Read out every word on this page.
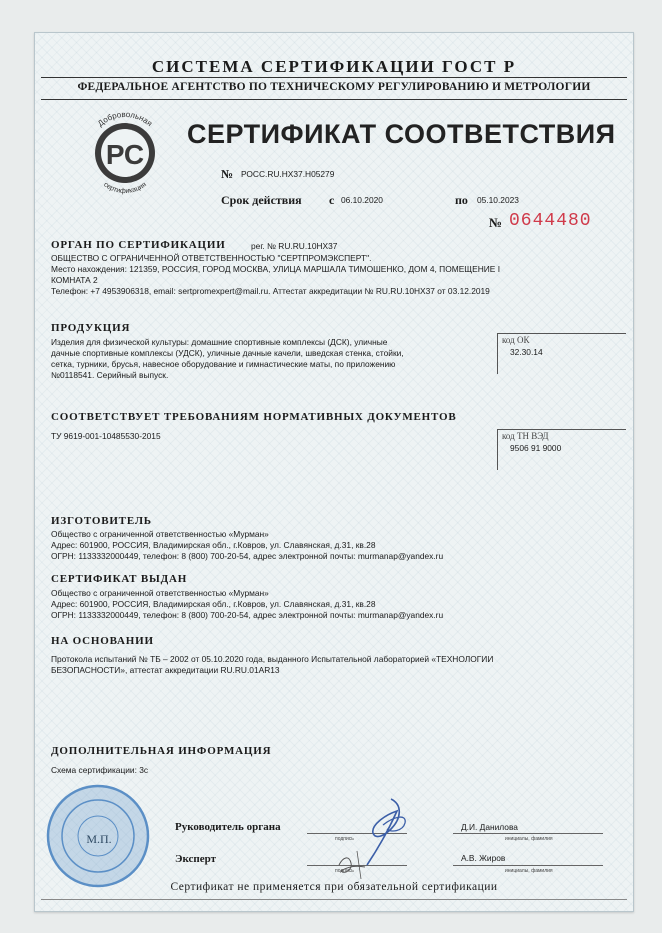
СИСТЕМА СЕРТИФИКАЦИИ ГОСТ Р
ФЕДЕРАЛЬНОЕ АГЕНТСТВО ПО ТЕХНИЧЕСКОМУ РЕГУЛИРОВАНИЮ И МЕТРОЛОГИИ
РС
Добровольная
сертификация
СЕРТИФИКАТ СООТВЕТСТВИЯ
№ РОСС.RU.НХ37.Н05279
Срок действия с 06.10.2020	по 05.10.2023
№ 0644480
ОРГАН ПО СЕРТИФИКАЦИИ	рег. № RU.RU.10НХ37
ОБЩЕСТВО С ОГРАНИЧЕННОЙ ОТВЕТСТВЕННОСТЬЮ "СЕРТПРОМЭКСПЕРТ".
Место нахождения: 121359, РОССИЯ, ГОРОД МОСКВА, УЛИЦА МАРШАЛА ТИМОШЕНКО, ДОМ 4, ПОМЕЩЕНИЕ I
КОМНАТА 2
Телефон: +7 4953906318, email: sertpromexpert@mail.ru. Аттестат аккредитации № RU.RU.10НХ37 от 03.12.2019
ПРОДУКЦИЯ
Изделия для физической культуры: домашние спортивные комплексы (ДСК), уличные
дачные спортивные комплексы (УДСК), уличные дачные качели, шведская стенка, стойки,
сетка, турники, брусья, навесное оборудование и гимнастические маты, по приложению
№0118541. Серийный выпуск.
код ОК
32.30.14
СООТВЕТСТВУЕТ ТРЕБОВАНИЯМ НОРМАТИВНЫХ ДОКУМЕНТОВ
ТУ 9619-001-10485530-2015	код ТН ВЭД
9506 91 9000
ИЗГОТОВИТЕЛЬ
Общество с ограниченной ответственностью «Мурман»
Адрес: 601900, РОССИЯ, Владимирская обл., г.Ковров, ул. Славянская, д.31, кв.28
ОГРН: 1133332000449, телефон: 8 (800) 700-20-54, адрес электронной почты: murmanap@yandex.ru
СЕРТИФИКАТ ВЫДАН
Общество с ограниченной ответственностью «Мурман»
Адрес: 601900, РОССИЯ, Владимирская обл., г.Ковров, ул. Славянская, д.31, кв.28
ОГРН: 1133332000449, телефон: 8 (800) 700-20-54, адрес электронной почты: murmanap@yandex.ru
НА ОСНОВАНИИ
Протокола испытаний № ТБ – 2002 от 05.10.2020 года, выданного Испытательной лабораторией «ТЕХНОЛОГИИ
БЕЗОПАСНОСТИ», аттестат аккредитации RU.RU.01АR13
ДОПОЛНИТЕЛЬНАЯ ИНФОРМАЦИЯ
Схема сертификации: 3с
М.П.
Руководитель органа
подпись
Д.И. Данилова
инициалы, фамилия
Эксперт
подпись
А.В. Жиров
инициалы, фамилия
Сертификат не применяется при обязательной сертификации
